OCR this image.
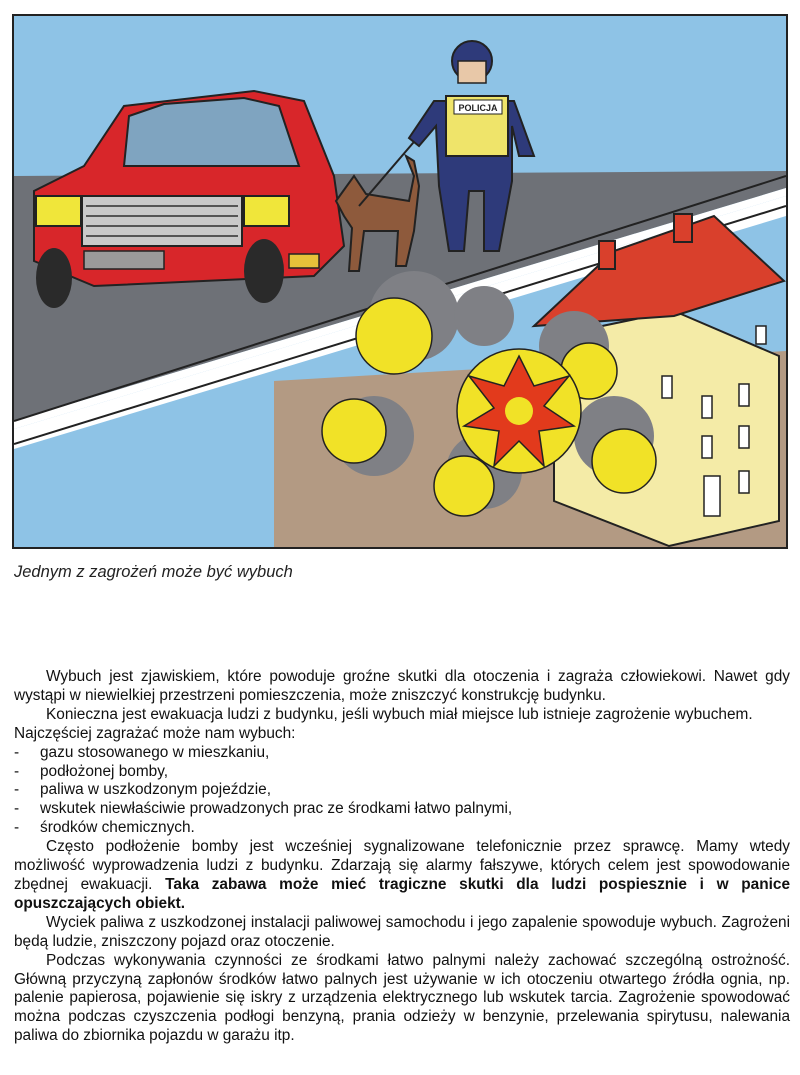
POLICJA
Jednym z zagrożeń może być wybuch

Wybuch jest zjawiskiem, które powoduje groźne skutki dla otoczenia i zagraża człowiekowi. Nawet gdy wystąpi w niewielkiej przestrzeni pomieszczenia, może zniszczyć konstrukcję budynku.

Konieczna jest ewakuacja ludzi z budynku, jeśli wybuch miał miejsce lub istnieje zagrożenie wybuchem.

Najczęściej zagrażać może nam wybuch:

- gazu stosowanego w mieszkaniu,
- podłożonej bomby,
- paliwa w uszkodzonym pojeździe,
- wskutek niewłaściwie prowadzonych prac ze środkami łatwo palnymi,
- środków chemicznych.

Często podłożenie bomby jest wcześniej sygnalizowane telefonicznie przez sprawcę. Mamy wtedy możliwość wyprowadzenia ludzi z budynku. Zdarzają się alarmy fałszywe, których celem jest spowodowanie zbędnej ewakuacji. Taka zabawa może mieć tragiczne skutki dla ludzi pospiesznie i w panice opuszczających obiekt.

Wyciek paliwa z uszkodzonej instalacji paliwowej samochodu i jego zapalenie spowoduje wybuch. Zagrożeni będą ludzie, zniszczony pojazd oraz otoczenie.

Podczas wykonywania czynności ze środkami łatwo palnymi należy zachować szczególną ostrożność. Główną przyczyną zapłonów środków łatwo palnych jest używanie w ich otoczeniu otwartego źródła ognia, np. palenie papierosa, pojawienie się iskry z urządzenia elektrycznego lub wskutek tarcia. Zagrożenie spowodować można podczas czyszczenia podłogi benzyną, prania odzieży w benzynie, przelewania spirytusu, nalewania paliwa do zbiornika pojazdu w garażu itp.
